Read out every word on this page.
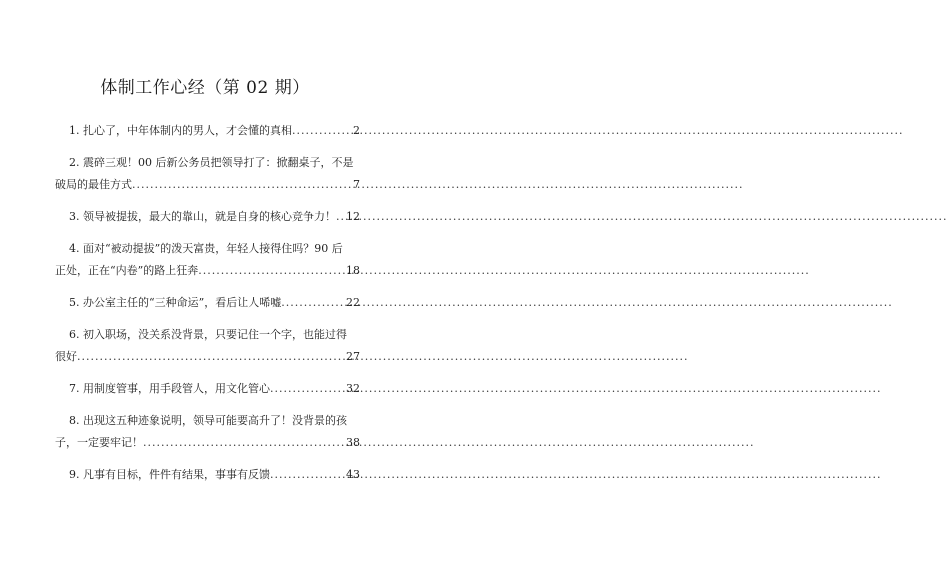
体制工作心经（第 02 期）
1. 扎心了，中年体制内的男人，才会懂的真相 .....	2
2. 震碎三观！00 后新公务员把领导打了：掀翻桌子，不是
破局的最佳方式 .....	7
3. 领导被提拔，最大的靠山，就是自身的核心竞争力！ ..... 12
4. 面对“被动提拔”的泼天富贵，年轻人接得住吗？90 后
正处，正在“内卷”的路上狂奔 .....	18
5. 办公室主任的“三种命运”，看后让人唏嘘 .....	22
6. 初入职场，没关系没背景，只要记住一个字，也能过得
很好 .....	27
7. 用制度管事，用手段管人，用文化管心 .....	32
8. 出现这五种迹象说明，领导可能要高升了！没背景的孩
子，一定要牢记！ .....	38
9. 凡事有目标，件件有结果，事事有反馈 .....	43
